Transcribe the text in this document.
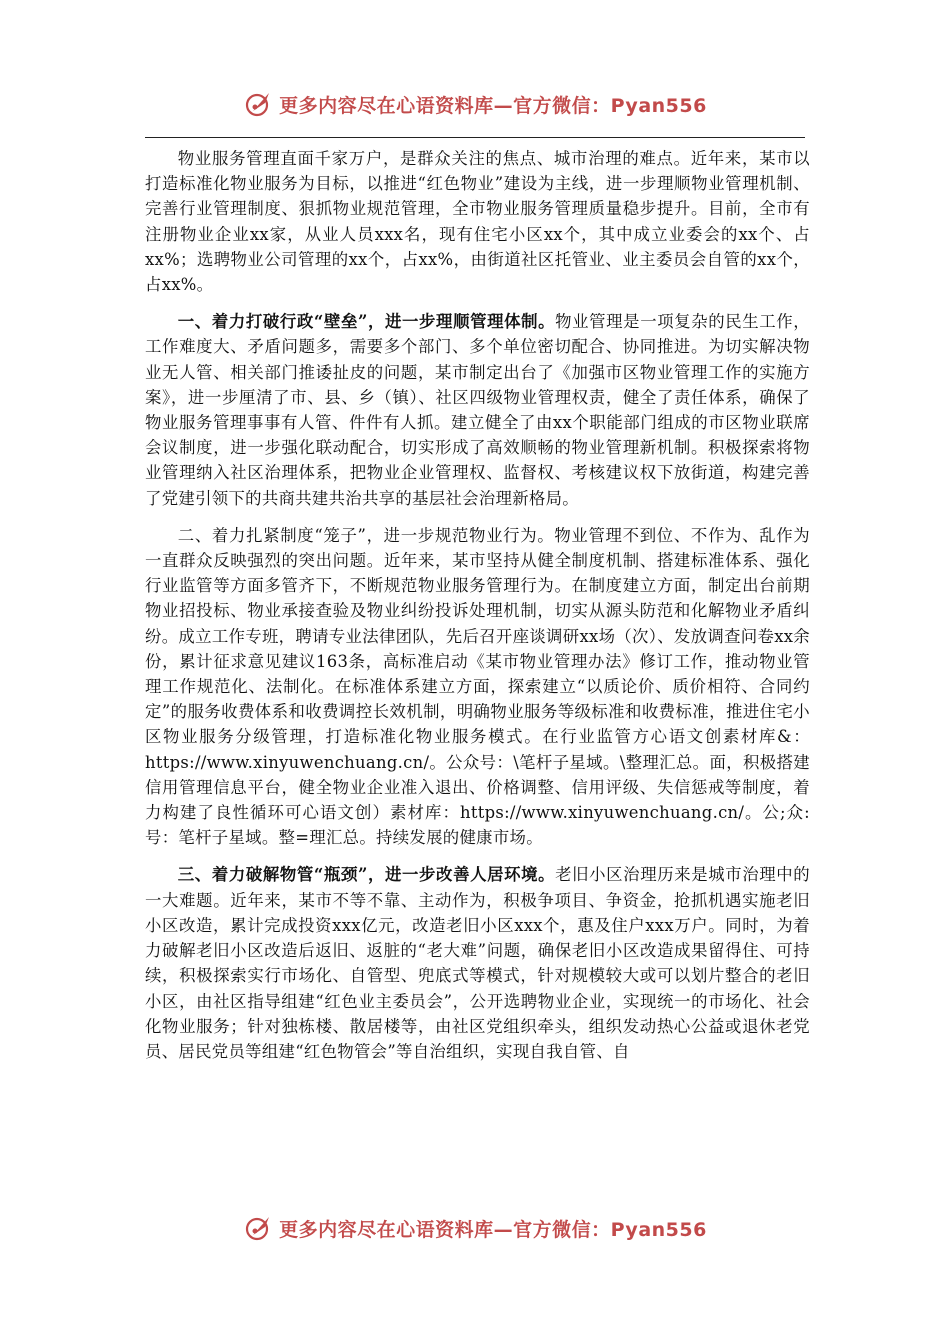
更多内容尽在心语资料库—官方微信：Pyan556

物业服务管理直面千家万户，是群众关注的焦点、城市治理的难点。近年来，某市以打造标准化物业服务为目标，以推进“红色物业”建设为主线，进一步理顺物业管理机制、完善行业管理制度、狠抓物业规范管理，全市物业服务管理质量稳步提升。目前，全市有注册物业企业xx家，从业人员xxx名，现有住宅小区xx个，其中成立业委会的xx个、占xx%；选聘物业公司管理的xx个，占xx%，由街道社区托管业、业主委员会自管的xx个，占xx%。

一、着力打破行政“壁垒”，进一步理顺管理体制。物业管理是一项复杂的民生工作，工作难度大、矛盾问题多，需要多个部门、多个单位密切配合、协同推进。为切实解决物业无人管、相关部门推诿扯皮的问题，某市制定出台了《加强市区物业管理工作的实施方案》，进一步厘清了市、县、乡（镇）、社区四级物业管理权责，健全了责任体系，确保了物业服务管理事事有人管、件件有人抓。建立健全了由xx个职能部门组成的市区物业联席会议制度，进一步强化联动配合，切实形成了高效顺畅的物业管理新机制。积极探索将物业管理纳入社区治理体系，把物业企业管理权、监督权、考核建议权下放街道，构建完善了党建引领下的共商共建共治共享的基层社会治理新格局。

二、着力扎紧制度“笼子”，进一步规范物业行为。物业管理不到位、不作为、乱作为一直群众反映强烈的突出问题。近年来，某市坚持从健全制度机制、搭建标准体系、强化行业监管等方面多管齐下，不断规范物业服务管理行为。在制度建立方面，制定出台前期物业招投标、物业承接查验及物业纠纷投诉处理机制，切实从源头防范和化解物业矛盾纠纷。成立工作专班，聘请专业法律团队，先后召开座谈调研xx场（次）、发放调查问卷xx余份，累计征求意见建议163条，高标准启动《某市物业管理办法》修订工作，推动物业管理工作规范化、法制化。在标准体系建立方面，探索建立“以质论价、质价相符、合同约定”的服务收费体系和收费调控长效机制，明确物业服务等级标准和收费标准，推进住宅小区物业服务分级管理，打造标准化物业服务模式。在行业监管方心语文创素材库&：https://www.xinyuwenchuang.cn/。公众号：\笔杆子星域。\整理汇总。面，积极搭建信用管理信息平台，健全物业企业准入退出、价格调整、信用评级、失信惩戒等制度，着力构建了良性循环可心语文创）素材库：https://www.xinyuwenchuang.cn/。公;众:号：笔杆子星域。整=理汇总。持续发展的健康市场。

三、着力破解物管“瓶颈”，进一步改善人居环境。老旧小区治理历来是城市治理中的一大难题。近年来，某市不等不靠、主动作为，积极争项目、争资金，抢抓机遇实施老旧小区改造，累计完成投资xxx亿元，改造老旧小区xxx个，惠及住户xxx万户。同时，为着力破解老旧小区改造后返旧、返脏的“老大难”问题，确保老旧小区改造成果留得住、可持续，积极探索实行市场化、自管型、兜底式等模式，针对规模较大或可以划片整合的老旧小区，由社区指导组建“红色业主委员会”，公开选聘物业企业，实现统一的市场化、社会化物业服务；针对独栋楼、散居楼等，由社区党组织牵头，组织发动热心公益或退休老党员、居民党员等组建“红色物管会”等自治组织，实现自我自管、自

更多内容尽在心语资料库—官方微信：Pyan556
